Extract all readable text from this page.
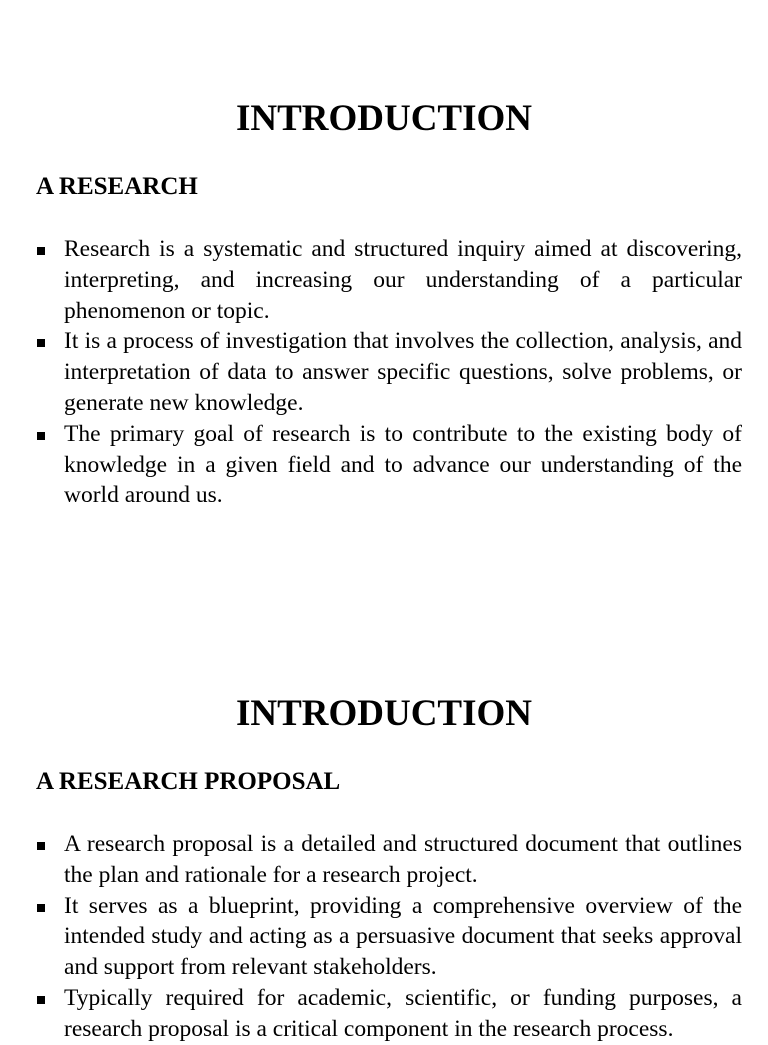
INTRODUCTION
A RESEARCH
Research is a systematic and structured inquiry aimed at discovering, interpreting, and increasing our understanding of a particular phenomenon or topic.
It is a process of investigation that involves the collection, analysis, and interpretation of data to answer specific questions, solve problems, or generate new knowledge.
The primary goal of research is to contribute to the existing body of knowledge in a given field and to advance our understanding of the world around us.
INTRODUCTION
A RESEARCH PROPOSAL
A research proposal is a detailed and structured document that outlines the plan and rationale for a research project.
It serves as a blueprint, providing a comprehensive overview of the intended study and acting as a persuasive document that seeks approval and support from relevant stakeholders.
Typically required for academic, scientific, or funding purposes, a research proposal is a critical component in the research process.
